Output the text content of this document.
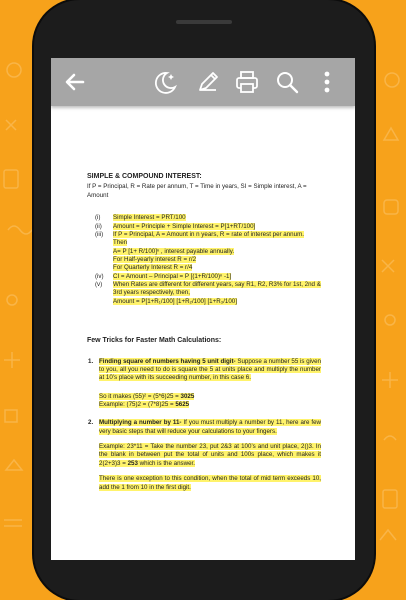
SIMPLE & COMPOUND INTEREST:
If P = Principal, R = Rate per annum, T = Time in years, SI = Simple interest, A = Amount
(i) Simple Interest = PRT/100
(ii) Amount = Principle + Simple Interest = P[1+RT/100]
(iii) If P = Principal, A = Amount in n years, R = rate of interest per annum.
Then
A= P [1+ R/100]ⁿ , interest payable annually.
For Half-yearly interest R = r/2
For Quarterly Interest R = r/4
(iv) CI = Amount – Principal = P [(1+R/100)ⁿ -1]
(v) When Rates are different for different years, say R1, R2, R3% for 1st, 2nd & 3rd years respectively, then,
Amount = P[1+R₁/100] [1+R₂/100] [1+R₃/100]
Few Tricks for Faster Math Calculations:
1. Finding square of numbers having 5 unit digit- Suppose a number 55 is given to you, all you need to do is square the 5 at units place and multiply the number at 10’s place with its succeeding number, in this case 6.
So it makes (55)² = (5*6)25 = 3025
Example: (75)2 = (7*8)25 = 5625
2. Multiplying a number by 11- If you must multiply a number by 11, here are few very basic steps that will reduce your calculations to your fingers.
Example: 23*11 = Take the number 23, put 2&3 at 100’s and unit place, 2()3. In the blank in between put the total of units and 100s place, which makes it 2(2+3)3 = 253 which is the answer.
There is one exception to this condition, when the total of mid term exceeds 10, add the 1 from 10 in the first digit.
